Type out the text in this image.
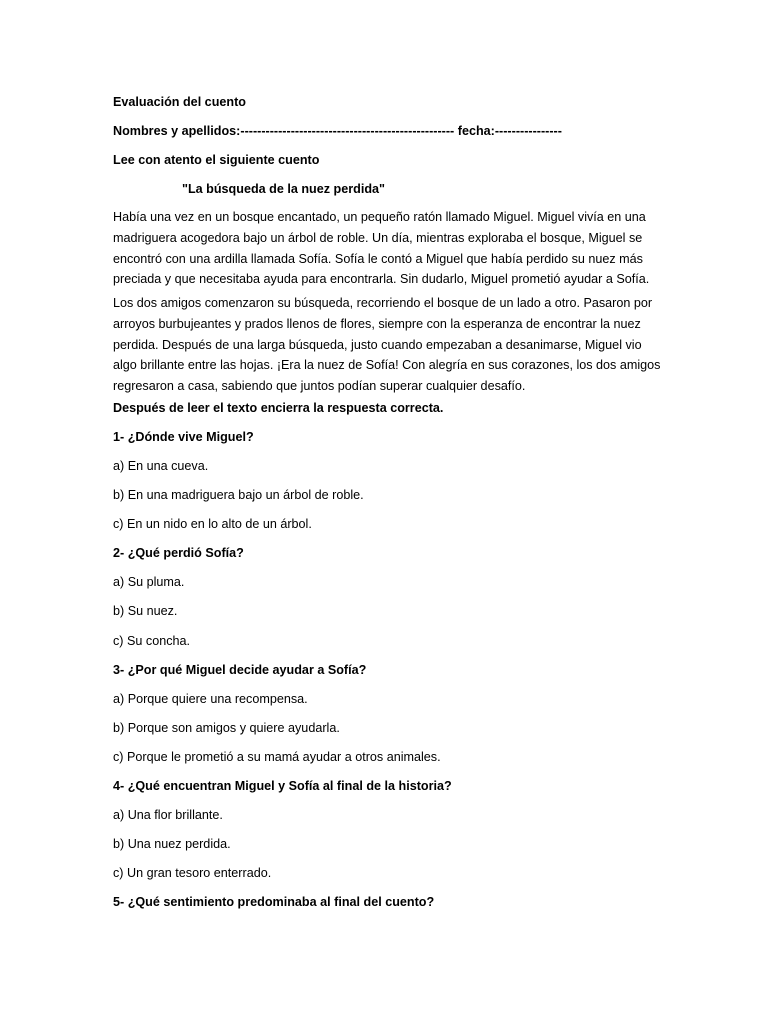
Evaluación del cuento

Nombres y apellidos:--------------------------------------------------- fecha:----------------

Lee con atento el siguiente cuento

"La búsqueda de la nuez perdida"

Había una vez en un bosque encantado, un pequeño ratón llamado Miguel. Miguel vivía en una
madriguera acogedora bajo un árbol de roble. Un día, mientras exploraba el bosque, Miguel se
encontró con una ardilla llamada Sofía. Sofía le contó a Miguel que había perdido su nuez más
preciada y que necesitaba ayuda para encontrarla. Sin dudarlo, Miguel prometió ayudar a Sofía.
Los dos amigos comenzaron su búsqueda, recorriendo el bosque de un lado a otro. Pasaron por
arroyos burbujeantes y prados llenos de flores, siempre con la esperanza de encontrar la nuez
perdida. Después de una larga búsqueda, justo cuando empezaban a desanimarse, Miguel vio
algo brillante entre las hojas. ¡Era la nuez de Sofía! Con alegría en sus corazones, los dos amigos
regresaron a casa, sabiendo que juntos podían superar cualquier desafío.

Después de leer el texto encierra la respuesta correcta.

1- ¿Dónde vive Miguel?

a) En una cueva.

b) En una madriguera bajo un árbol de roble.

c) En un nido en lo alto de un árbol.

2- ¿Qué perdió Sofía?

a) Su pluma.

b) Su nuez.

c) Su concha.

3- ¿Por qué Miguel decide ayudar a Sofía?

a) Porque quiere una recompensa.

b) Porque son amigos y quiere ayudarla.

c) Porque le prometió a su mamá ayudar a otros animales.

4- ¿Qué encuentran Miguel y Sofía al final de la historia?

a) Una flor brillante.

b) Una nuez perdida.

c) Un gran tesoro enterrado.

5- ¿Qué sentimiento predominaba al final del cuento?
